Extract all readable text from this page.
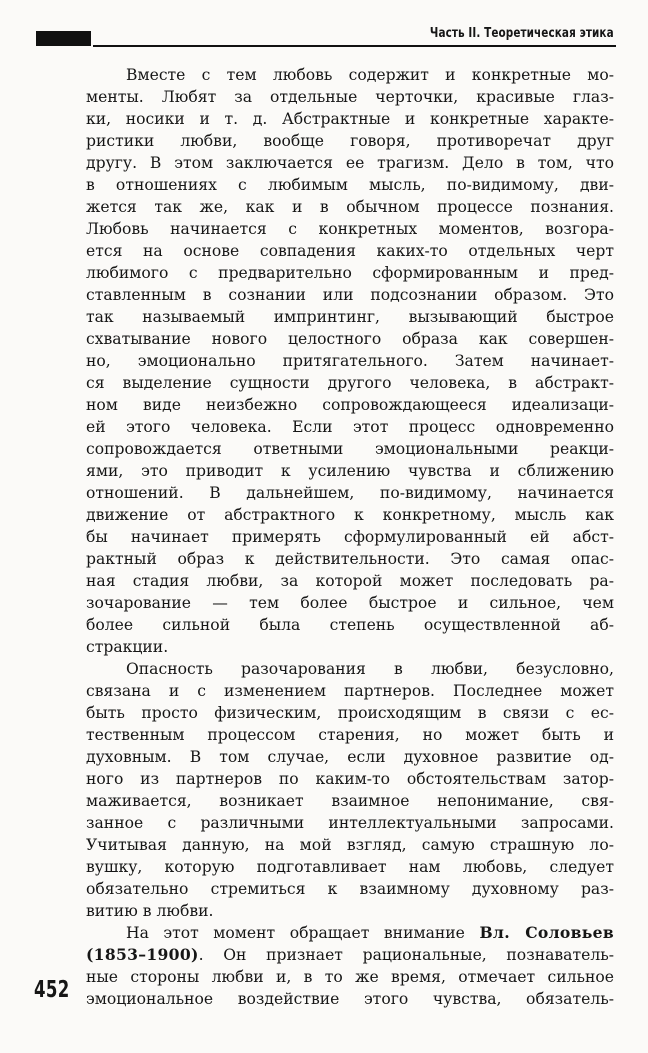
Часть II. Теоретическая этика
Вместе с тем любовь содержит и конкретные мо-
менты. Любят за отдельные черточки, красивые глаз-
ки, носики и т. д. Абстрактные и конкретные характе-
ристики любви, вообще говоря, противоречат друг
другу. В этом заключается ее трагизм. Дело в том, что
в отношениях с любимым мысль, по-видимому, дви-
жется так же, как и в обычном процессе познания.
Любовь начинается с конкретных моментов, возгора-
ется на основе совпадения каких-то отдельных черт
любимого с предварительно сформированным и пред-
ставленным в сознании или подсознании образом. Это
так называемый импринтинг, вызывающий быстрое
схватывание нового целостного образа как совершен-
но, эмоционально притягательного. Затем начинает-
ся выделение сущности другого человека, в абстракт-
ном виде неизбежно сопровождающееся идеализаци-
ей этого человека. Если этот процесс одновременно
сопровождается ответными эмоциональными реакци-
ями, это приводит к усилению чувства и сближению
отношений. В дальнейшем, по-видимому, начинается
движение от абстрактного к конкретному, мысль как
бы начинает примерять сформулированный ей абст-
рактный образ к действительности. Это самая опас-
ная стадия любви, за которой может последовать ра-
зочарование — тем более быстрое и сильное, чем
более сильной была степень осуществленной аб-
стракции.
Опасность разочарования в любви, безусловно,
связана и с изменением партнеров. Последнее может
быть просто физическим, происходящим в связи с ес-
тественным процессом старения, но может быть и
духовным. В том случае, если духовное развитие од-
ного из партнеров по каким-то обстоятельствам затор-
маживается, возникает взаимное непонимание, свя-
занное с различными интеллектуальными запросами.
Учитывая данную, на мой взгляд, самую страшную ло-
вушку, которую подготавливает нам любовь, следует
обязательно стремиться к взаимному духовному раз-
витию в любви.
На этот момент обращает внимание Вл. Соловьев
(1853–1900). Он признает рациональные, познаватель-
ные стороны любви и, в то же время, отмечает сильное
эмоциональное воздействие этого чувства, обязатель-
452
